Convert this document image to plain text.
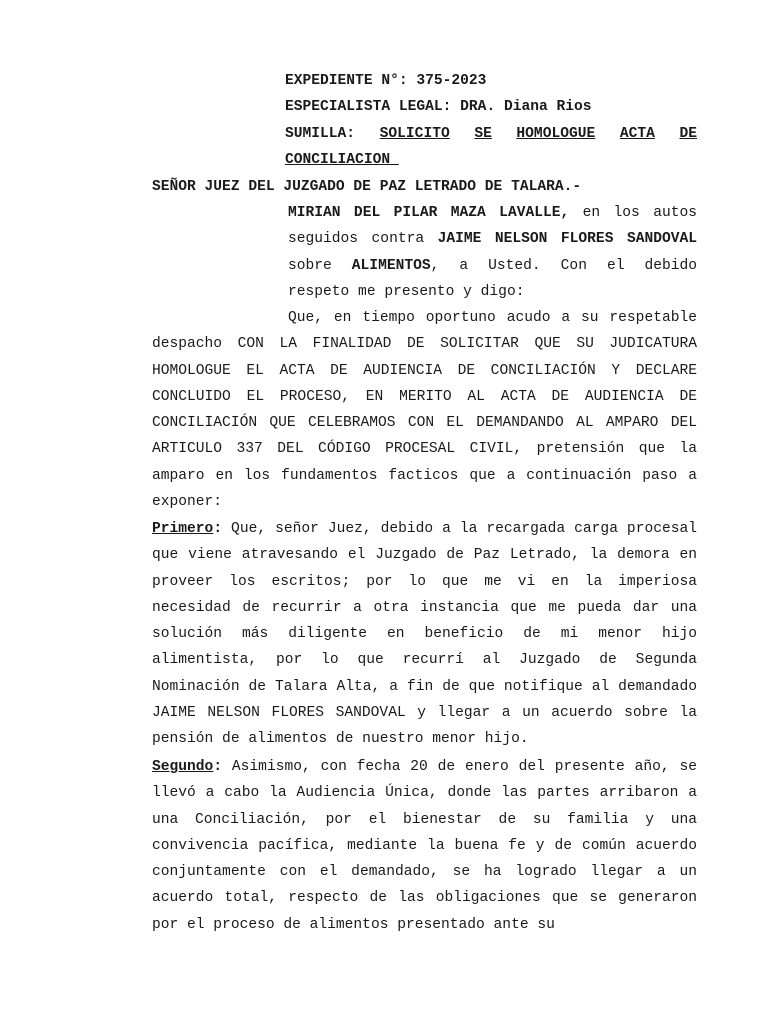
EXPEDIENTE N°: 375-2023
ESPECIALISTA LEGAL: DRA. Diana Rios
SUMILLA: SOLICITO SE HOMOLOGUE ACTA DE
CONCILIACION
SEÑOR JUEZ DEL JUZGADO DE PAZ LETRADO DE TALARA.-
MIRIAN DEL PILAR MAZA LAVALLE, en los autos seguidos contra JAIME NELSON FLORES SANDOVAL sobre ALIMENTOS, a Usted. Con el debido respeto me presento y digo:
Que, en tiempo oportuno acudo a su respetable despacho CON LA FINALIDAD DE SOLICITAR QUE SU JUDICATURA HOMOLOGUE EL ACTA DE AUDIENCIA DE CONCILIACIÓN Y DECLARE CONCLUIDO EL PROCESO, EN MERITO AL ACTA DE AUDIENCIA DE CONCILIACIÓN QUE CELEBRAMOS CON EL DEMANDANDO AL AMPARO DEL ARTICULO 337 DEL CÓDIGO PROCESAL CIVIL, pretensión que la amparo en los fundamentos facticos que a continuación paso a exponer:
Primero: Que, señor Juez, debido a la recargada carga procesal que viene atravesando el Juzgado de Paz Letrado, la demora en proveer los escritos; por lo que me vi en la imperiosa necesidad de recurrir a otra instancia que me pueda dar una solución más diligente en beneficio de mi menor hijo alimentista, por lo que recurrí al Juzgado de Segunda Nominación de Talara Alta, a fin de que notifique al demandado JAIME NELSON FLORES SANDOVAL y llegar a un acuerdo sobre la pensión de alimentos de nuestro menor hijo.
Segundo: Asimismo, con fecha 20 de enero del presente año, se llevó a cabo la Audiencia Única, donde las partes arribaron a una Conciliación, por el bienestar de su familia y una convivencia pacífica, mediante la buena fe y de común acuerdo conjuntamente con el demandado, se ha logrado llegar a un acuerdo total, respecto de las obligaciones que se generaron por el proceso de alimentos presentado ante su
